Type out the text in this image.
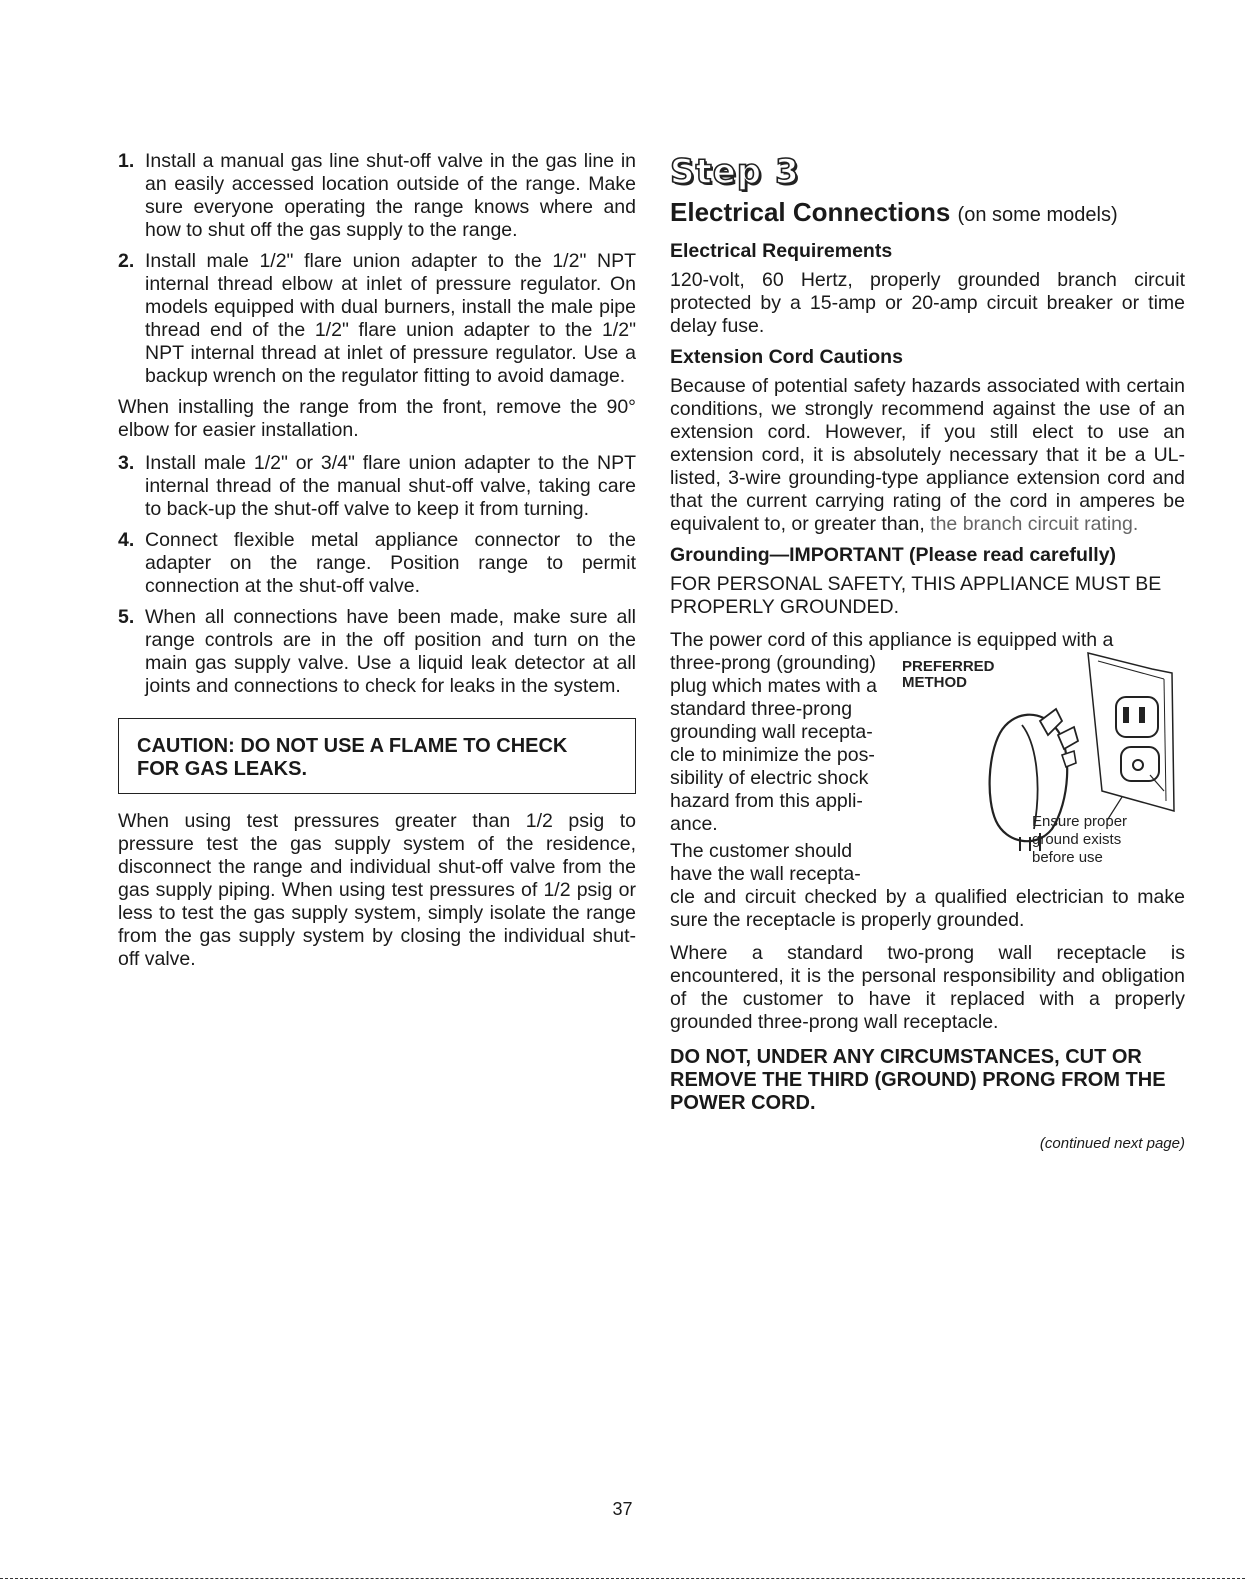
1. Install a manual gas line shut-off valve in the gas line in an easily accessed location outside of the range. Make sure everyone operating the range knows where and how to shut off the gas supply to the range.
2. Install male 1/2" flare union adapter to the 1/2" NPT internal thread elbow at inlet of pressure regulator. On models equipped with dual burners, install the male pipe thread end of the 1/2" flare union adapter to the 1/2" NPT internal thread at inlet of pressure regulator. Use a backup wrench on the regulator fitting to avoid damage.

When installing the range from the front, remove the 90° elbow for easier installation.

3. Install male 1/2" or 3/4" flare union adapter to the NPT internal thread of the manual shut-off valve, taking care to back-up the shut-off valve to keep it from turning.
4. Connect flexible metal appliance connector to the adapter on the range. Position range to permit connection at the shut-off valve.
5. When all connections have been made, make sure all range controls are in the off position and turn on the main gas supply valve. Use a liquid leak detector at all joints and connections to check for leaks in the system.
CAUTION: DO NOT USE A FLAME TO CHECK FOR GAS LEAKS.

When using test pressures greater than 1/2 psig to pressure test the gas supply system of the residence, disconnect the range and individual shut-off valve from the gas supply piping. When using test pressures of 1/2 psig or less to test the gas supply system, simply isolate the range from the gas supply system by closing the individual shut-off valve.

Step 3
Electrical Connections (on some models)
Electrical Requirements

120-volt, 60 Hertz, properly grounded branch circuit protected by a 15-amp or 20-amp circuit breaker or time delay fuse.

Extension Cord Cautions

Because of potential safety hazards associated with certain conditions, we strongly recommend against the use of an extension cord. However, if you still elect to use an extension cord, it is absolutely necessary that it be a UL-listed, 3-wire grounding-type appliance extension cord and that the current carrying rating of the cord in amperes be equivalent to, or greater than, the branch circuit rating.

Grounding—IMPORTANT (Please read carefully)

FOR PERSONAL SAFETY, THIS APPLIANCE MUST BE PROPERLY GROUNDED.

The power cord of this appliance is equipped with a

three-prong (grounding)
plug which mates with a
standard three-prong
grounding wall recepta-
cle to minimize the pos-
sibility of electric shock
hazard from this appli-
ance.
The customer should
have the wall recepta-

cle and circuit checked by a qualified electrician to make sure the receptacle is properly grounded.

PREFERRED
METHOD
Ensure proper
ground exists
before use

Where a standard two-prong wall receptacle is encountered, it is the personal responsibility and obligation of the customer to have it replaced with a properly grounded three-prong wall receptacle.

DO NOT, UNDER ANY CIRCUMSTANCES, CUT OR REMOVE THE THIRD (GROUND) PRONG FROM THE POWER CORD.

(continued next page)

37
